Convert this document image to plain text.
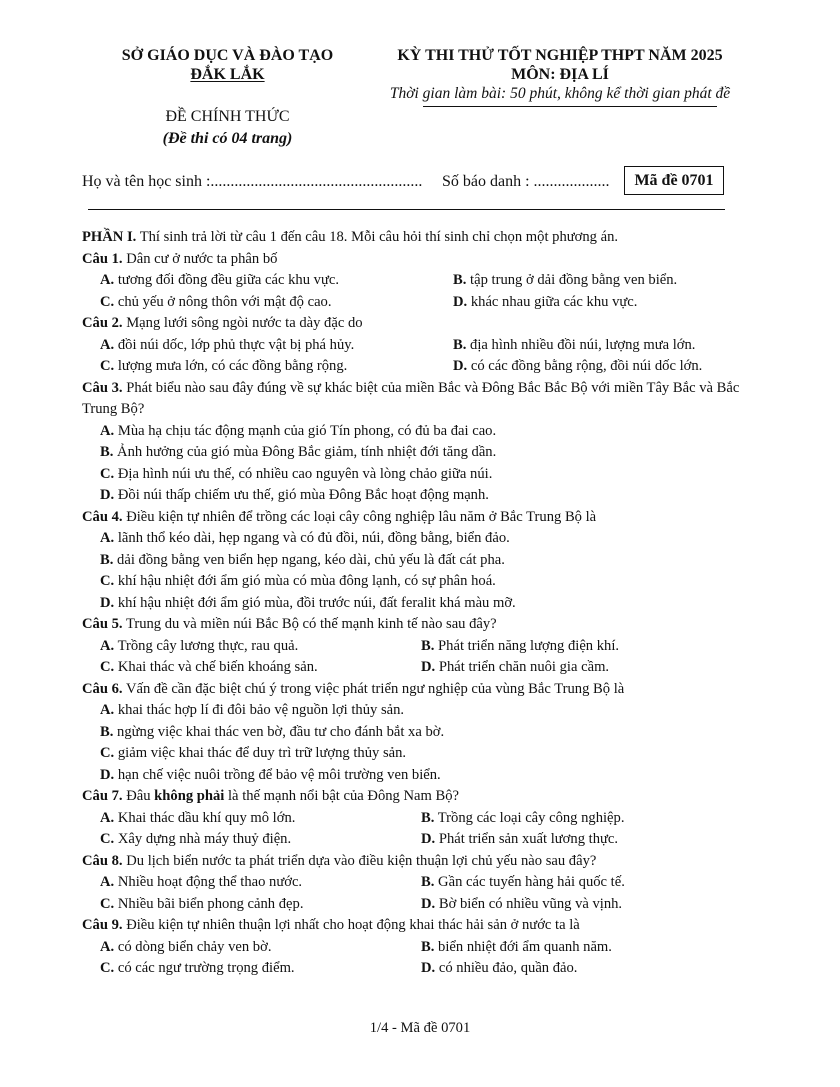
SỞ GIÁO DỤC VÀ ĐÀO TẠO
ĐẮK LẮK
KỲ THI THỬ TỐT NGHIỆP THPT NĂM 2025
MÔN: ĐỊA LÍ
Thời gian làm bài: 50 phút, không kể thời gian phát đề
ĐỀ CHÍNH THỨC
(Đề thi có 04 trang)
Họ và tên học sinh :..................................................... Số báo danh : ...................	Mã đề 0701
PHẦN I. Thí sinh trả lời từ câu 1 đến câu 18. Mỗi câu hỏi thí sinh chỉ chọn một phương án.
Câu 1. Dân cư ở nước ta phân bố
A. tương đối đồng đều giữa các khu vực.	B. tập trung ở dải đồng bằng ven biển.
C. chủ yếu ở nông thôn với mật độ cao.	D. khác nhau giữa các khu vực.
Câu 2. Mạng lưới sông ngòi nước ta dày đặc do
A. đồi núi dốc, lớp phủ thực vật bị phá hủy.	B. địa hình nhiều đồi núi, lượng mưa lớn.
C. lượng mưa lớn, có các đồng bằng rộng.	D. có các đồng bằng rộng, đồi núi dốc lớn.
Câu 3. Phát biểu nào sau đây đúng về sự khác biệt của miền Bắc và Đông Bắc Bắc Bộ với miền Tây Bắc và Bắc Trung Bộ?
A. Mùa hạ chịu tác động mạnh của gió Tín phong, có đủ ba đai cao.
B. Ảnh hưởng của gió mùa Đông Bắc giảm, tính nhiệt đới tăng dần.
C. Địa hình núi ưu thế, có nhiều cao nguyên và lòng chảo giữa núi.
D. Đồi núi thấp chiếm ưu thế, gió mùa Đông Bắc hoạt động mạnh.
Câu 4. Điều kiện tự nhiên để trồng các loại cây công nghiệp lâu năm ở Bắc Trung Bộ là
A. lãnh thổ kéo dài, hẹp ngang và có đủ đồi, núi, đồng bằng, biển đảo.
B. dải đồng bằng ven biển hẹp ngang, kéo dài, chủ yếu là đất cát pha.
C. khí hậu nhiệt đới ẩm gió mùa có mùa đông lạnh, có sự phân hoá.
D. khí hậu nhiệt đới ẩm gió mùa, đồi trước núi, đất feralit khá màu mỡ.
Câu 5. Trung du và miền núi Bắc Bộ có thế mạnh kinh tế nào sau đây?
A. Trồng cây lương thực, rau quả.	B. Phát triển năng lượng điện khí.
C. Khai thác và chế biến khoáng sản.	D. Phát triển chăn nuôi gia cầm.
Câu 6. Vấn đề cần đặc biệt chú ý trong việc phát triển ngư nghiệp của vùng Bắc Trung Bộ là
A. khai thác hợp lí đi đôi bảo vệ nguồn lợi thủy sản.
B. ngừng việc khai thác ven bờ, đầu tư cho đánh bắt xa bờ.
C. giảm việc khai thác để duy trì trữ lượng thủy sản.
D. hạn chế việc nuôi trồng để bảo vệ môi trường ven biển.
Câu 7. Đâu không phải là thế mạnh nổi bật của Đông Nam Bộ?
A. Khai thác dầu khí quy mô lớn.	B. Trồng các loại cây công nghiệp.
C. Xây dựng nhà máy thuỷ điện.	D. Phát triển sản xuất lương thực.
Câu 8. Du lịch biển nước ta phát triển dựa vào điều kiện thuận lợi chủ yếu nào sau đây?
A. Nhiều hoạt động thể thao nước.	B. Gần các tuyến hàng hải quốc tế.
C. Nhiều bãi biển phong cảnh đẹp.	D. Bờ biển có nhiều vũng và vịnh.
Câu 9. Điều kiện tự nhiên thuận lợi nhất cho hoạt động khai thác hải sản ở nước ta là
A. có dòng biển chảy ven bờ.	B. biển nhiệt đới ẩm quanh năm.
C. có các ngư trường trọng điểm.	D. có nhiều đảo, quần đảo.
1/4 - Mã đề 0701
